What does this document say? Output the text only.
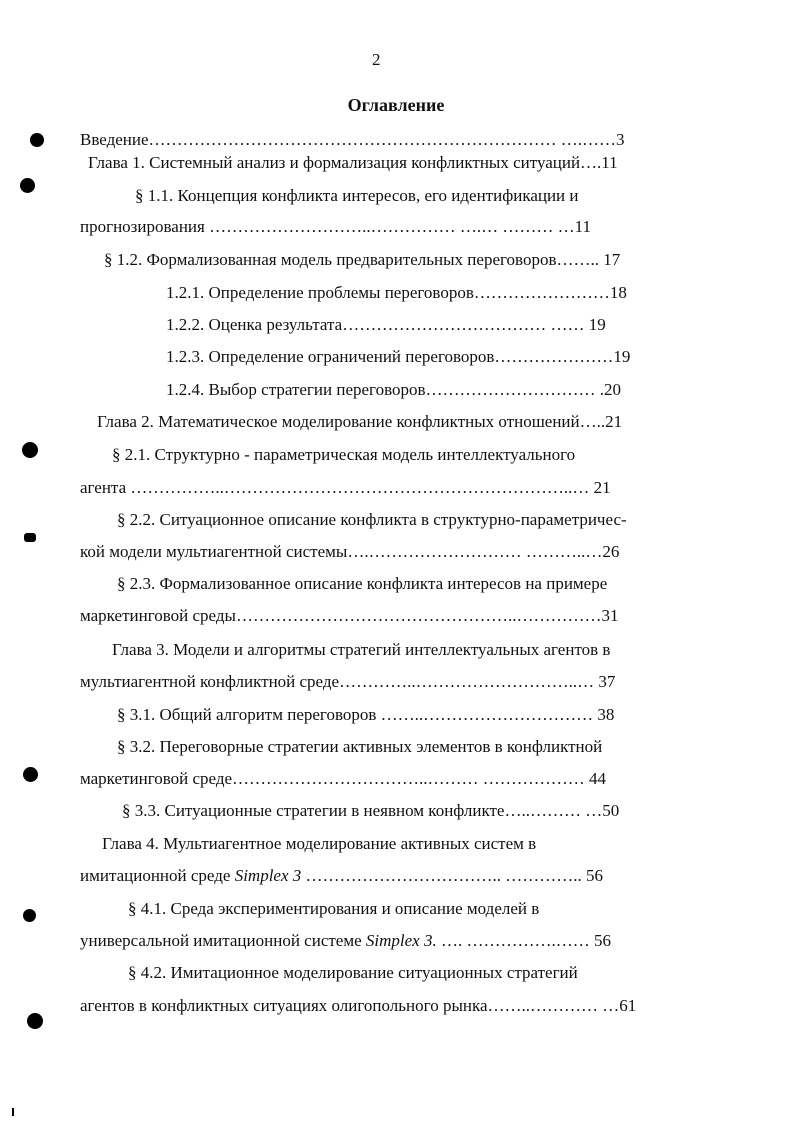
2
Оглавление
Введение……………………………………………………………… ….……3
Глава 1. Системный анализ и формализация конфликтных ситуаций….11
§ 1.1. Концепция конфликта интересов, его идентификации и
прогнозирования ………………………..…………… ….… ……… …11
§ 1.2. Формализованная модель предварительных переговоров…….. 17
1.2.1. Определение проблемы переговоров……………………18
1.2.2. Оценка результата……………………………… …… 19
1.2.3. Определение ограничений переговоров…………………19
1.2.4. Выбор стратегии переговоров………………………… .20
Глава 2. Математическое моделирование конфликтных отношений…..21
§ 2.1. Структурно - параметрическая модель интеллектуального
агента ……………..……………………………………………………..… 21
§ 2.2. Ситуационное описание конфликта в структурно-параметричес-
кой модели мультиагентной системы….……………………… ………..…26
§ 2.3. Формализованное описание конфликта интересов на примере
маркетинговой среды…………………………………………..……………31
Глава 3. Модели и алгоритмы стратегий интеллектуальных агентов в
мультиагентной конфликтной среде…………..………………………..… 37
§ 3.1. Общий алгоритм переговоров ……..………………………… 38
§ 3.2. Переговорные стратегии активных элементов в конфликтной
маркетинговой среде……………………………..……… ……………… 44
§ 3.3. Ситуационные стратегии в неявном конфликте…..……… …50
Глава 4. Мультиагентное моделирование активных систем в
имитационной среде Simplex 3 …………………………….. ………….. 56
§ 4.1. Среда экспериментирования и описание моделей в
универсальной имитационной системе Simplex 3. …. …………….…… 56
§ 4.2. Имитационное моделирование ситуационных стратегий
агентов в конфликтных ситуациях олигопольного рынка……..………… …61
